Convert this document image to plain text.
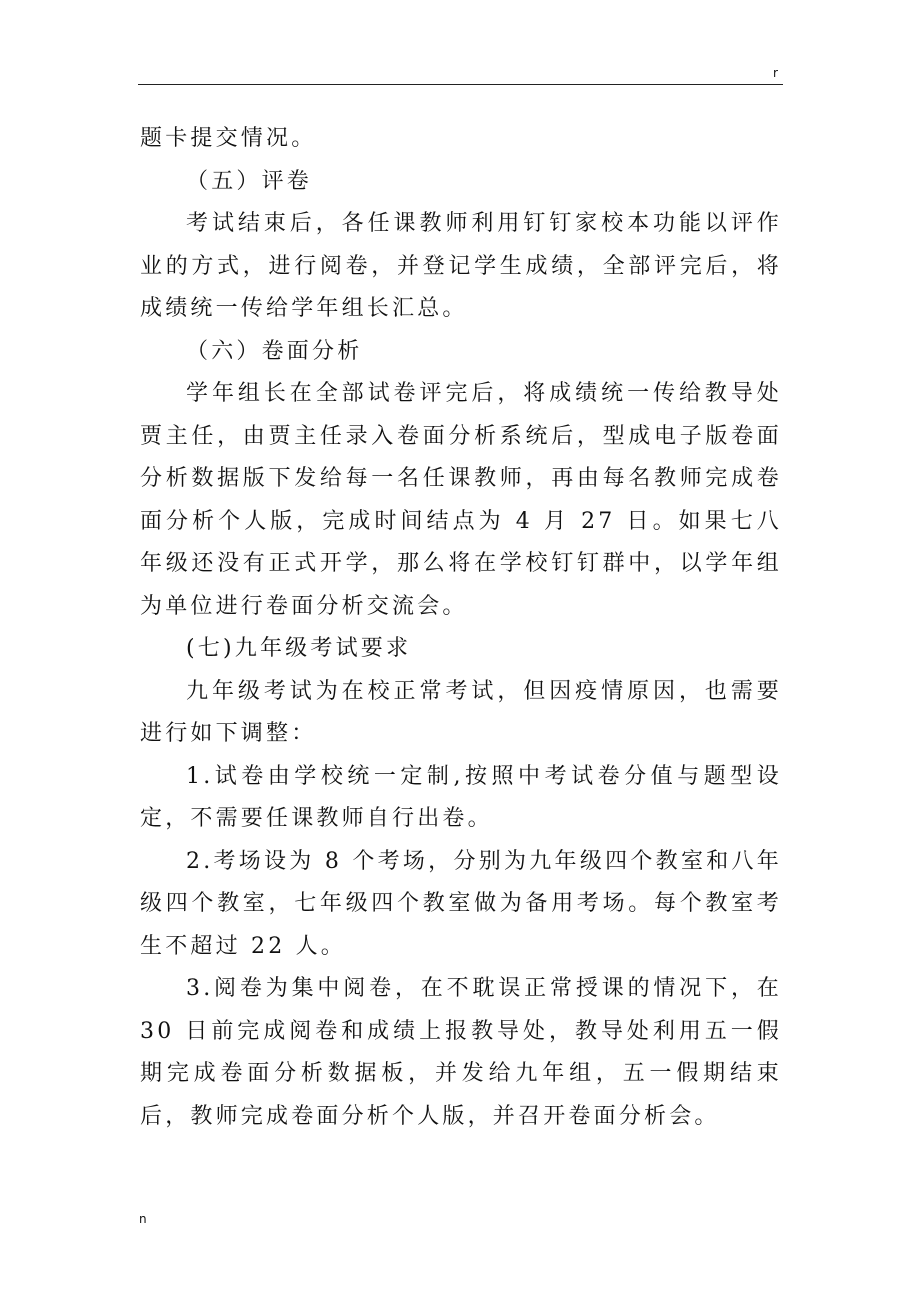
r

题卡提交情况。

（五）评卷

考试结束后，各任课教师利用钉钉家校本功能以评作业的方式，进行阅卷，并登记学生成绩，全部评完后，将成绩统一传给学年组长汇总。

（六）卷面分析

学年组长在全部试卷评完后，将成绩统一传给教导处贾主任，由贾主任录入卷面分析系统后，型成电子版卷面分析数据版下发给每一名任课教师，再由每名教师完成卷面分析个人版，完成时间结点为 4 月 27 日。如果七八年级还没有正式开学，那么将在学校钉钉群中，以学年组为单位进行卷面分析交流会。

(七)九年级考试要求

九年级考试为在校正常考试，但因疫情原因，也需要进行如下调整：

1.试卷由学校统一定制,按照中考试卷分值与题型设定，不需要任课教师自行出卷。

2.考场设为 8 个考场，分别为九年级四个教室和八年级四个教室，七年级四个教室做为备用考场。每个教室考生不超过 22 人。

3.阅卷为集中阅卷，在不耽误正常授课的情况下，在 30 日前完成阅卷和成绩上报教导处，教导处利用五一假期完成卷面分析数据板，并发给九年组，五一假期结束后，教师完成卷面分析个人版，并召开卷面分析会。

n
